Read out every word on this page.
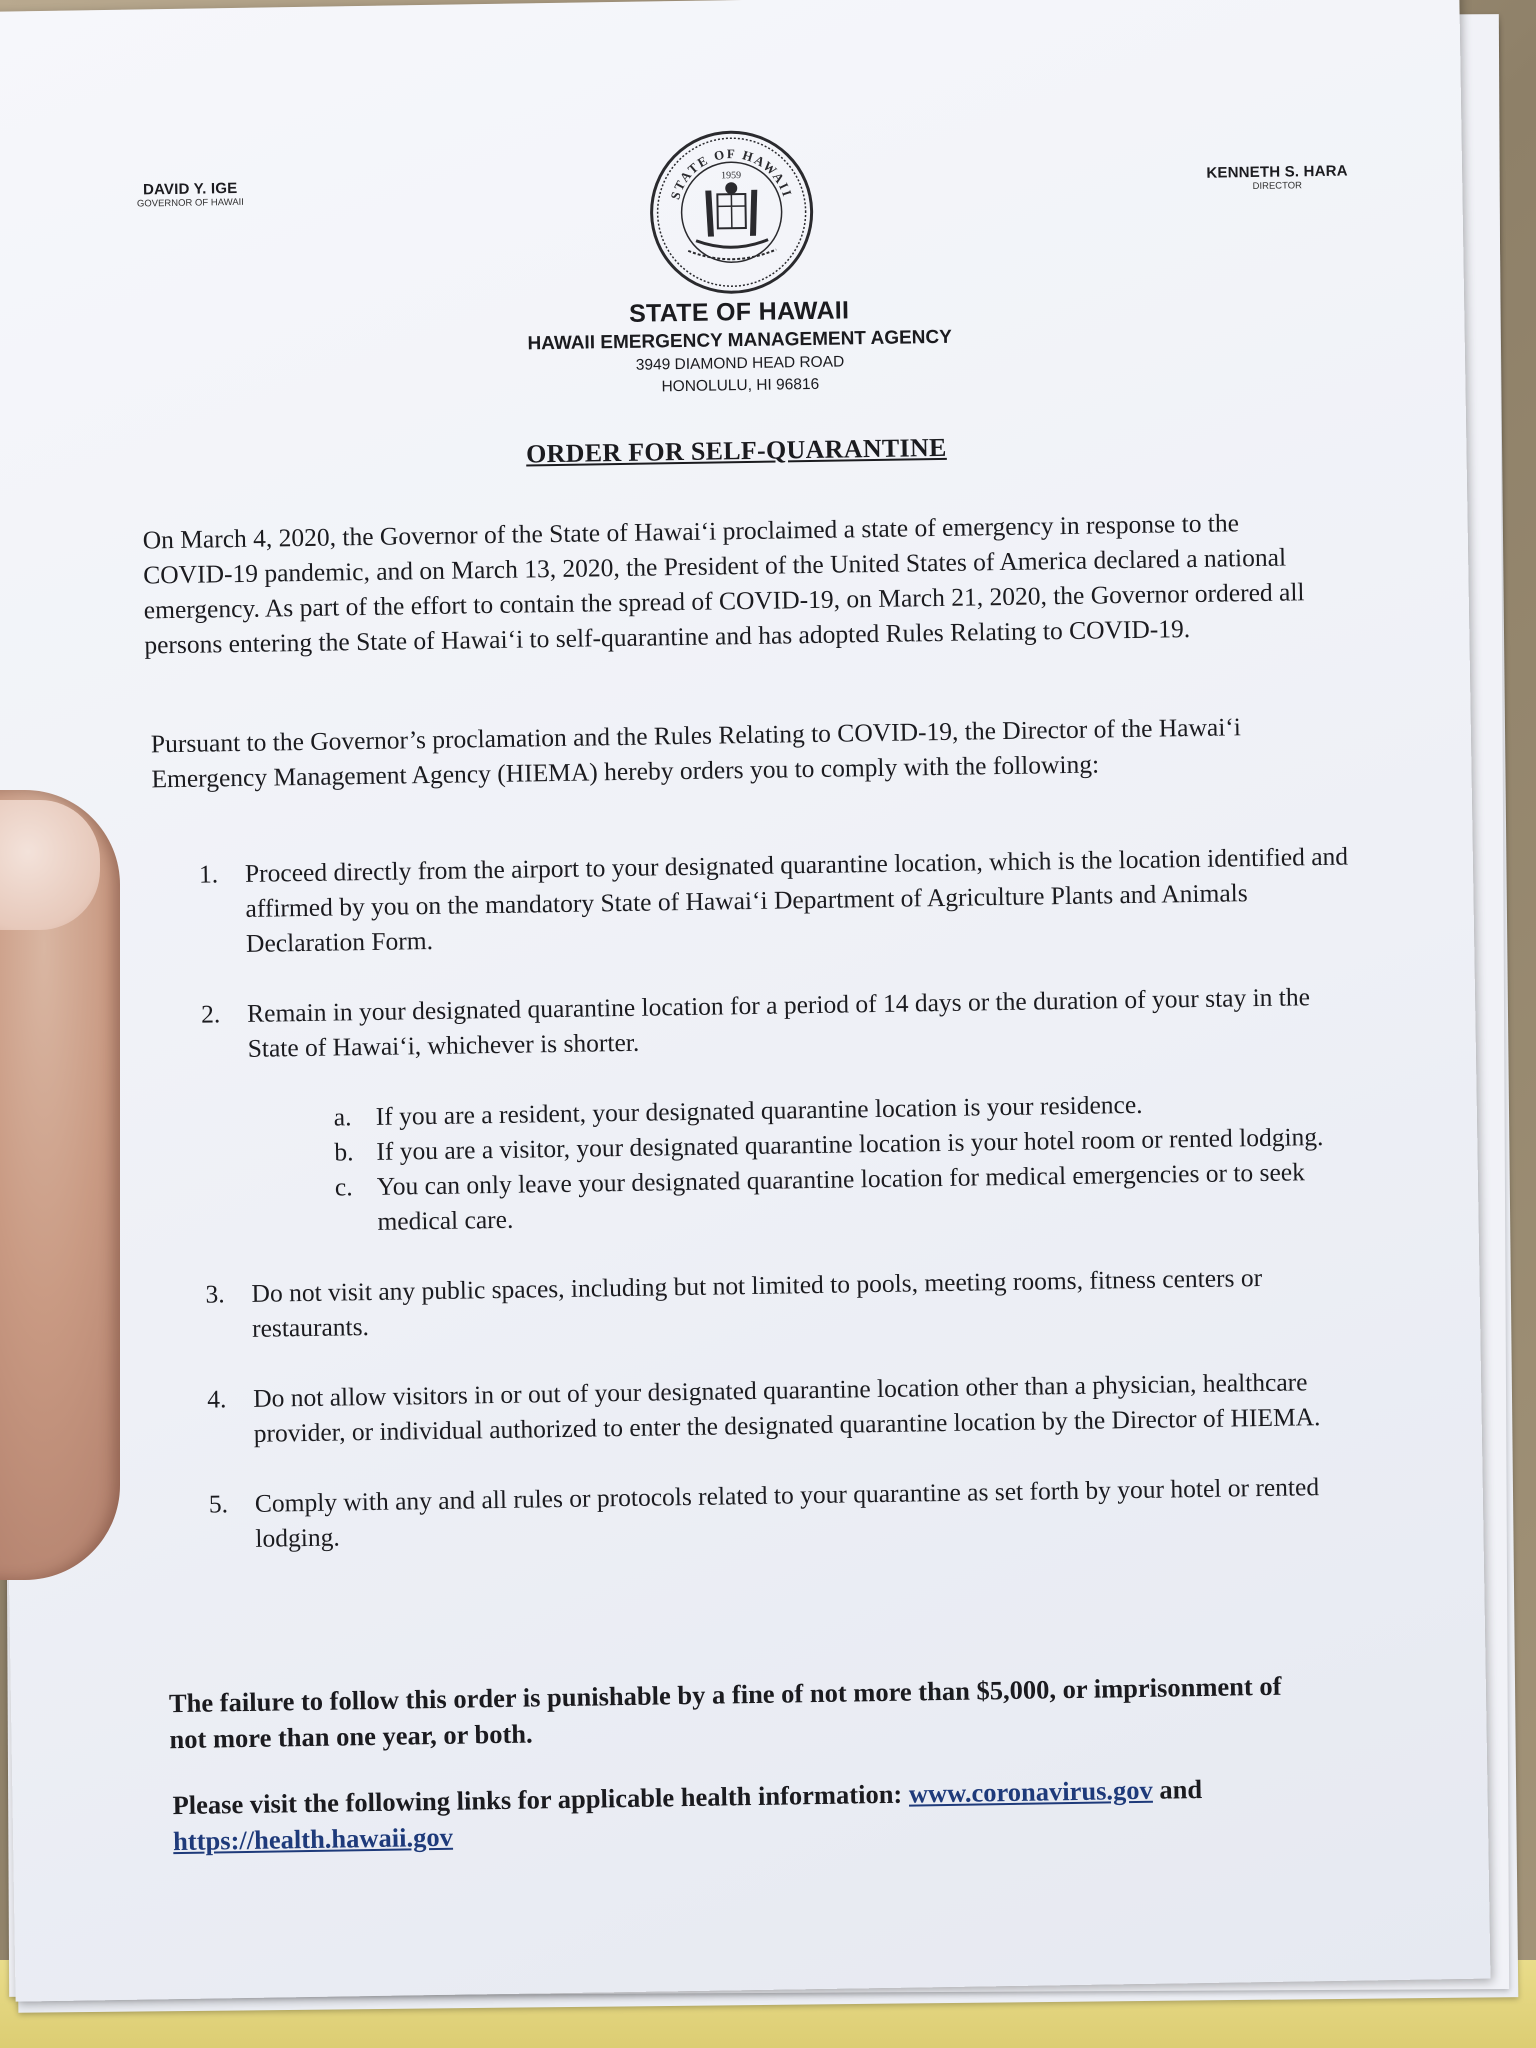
DAVID Y. IGE
GOVERNOR OF HAWAII
STATE OF HAWAII
1959	KENNETH S. HARA
DIRECTOR
STATE OF HAWAII
HAWAII EMERGENCY MANAGEMENT AGENCY
3949 DIAMOND HEAD ROAD
HONOLULU, HI 96816
ORDER FOR SELF-QUARANTINE
On March 4, 2020, the Governor of the State of Hawai‘i proclaimed a state of emergency in response to the COVID-19 pandemic, and on March 13, 2020, the President of the United States of America declared a national emergency. As part of the effort to contain the spread of COVID-19, on March 21, 2020, the Governor ordered all persons entering the State of Hawai‘i to self-quarantine and has adopted Rules Relating to COVID-19.
Pursuant to the Governor’s proclamation and the Rules Relating to COVID-19, the Director of the Hawai‘i Emergency Management Agency (HIEMA) hereby orders you to comply with the following:
1. Proceed directly from the airport to your designated quarantine location, which is the location identified and affirmed by you on the mandatory State of Hawai‘i Department of Agriculture Plants and Animals Declaration Form.
2. Remain in your designated quarantine location for a period of 14 days or the duration of your stay in the State of Hawai‘i, whichever is shorter.
a. If you are a resident, your designated quarantine location is your residence.
b. If you are a visitor, your designated quarantine location is your hotel room or rented lodging.
c. You can only leave your designated quarantine location for medical emergencies or to seek medical care.
3. Do not visit any public spaces, including but not limited to pools, meeting rooms, fitness centers or restaurants.
4. Do not allow visitors in or out of your designated quarantine location other than a physician, healthcare provider, or individual authorized to enter the designated quarantine location by the Director of HIEMA.
5. Comply with any and all rules or protocols related to your quarantine as set forth by your hotel or rented lodging.
The failure to follow this order is punishable by a fine of not more than $5,000, or imprisonment of not more than one year, or both.
Please visit the following links for applicable health information: www.coronavirus.gov and
https://health.hawaii.gov
